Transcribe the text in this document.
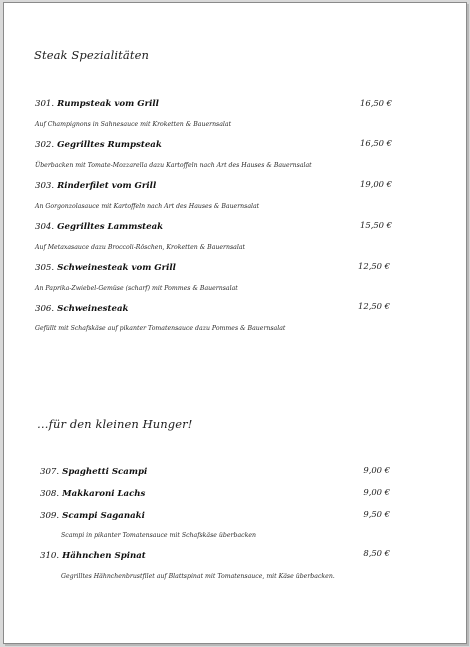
Steak Spezialitäten
301. Rumpsteak vom Grill	16,50 €
Auf Champignons in Sahnesauce mit Kroketten & Bauernsalat
302. Gegrilltes Rumpsteak	16,50 €
Überbacken mit Tomate-Mozzarella dazu Kartoffeln nach Art des Hauses & Bauernsalat
303. Rinderfilet vom Grill	19,00 €
An Gorgonzolasauce mit Kartoffeln nach Art des Hauses & Bauernsalat
304. Gegrilltes Lammsteak	15,50 €
Auf Metaxasauce dazu Broccoli-Röschen, Kroketten & Bauernsalat
305. Schweinesteak vom Grill	12,50 €
An Paprika-Zwiebel-Gemüse (scharf) mit Pommes & Bauernsalat
306. Schweinesteak	12,50 €
Gefüllt mit Schafskäse auf pikanter Tomatensauce dazu Pommes & Bauernsalat
…für den kleinen Hunger!
307. Spaghetti Scampi	9,00 €
308. Makkaroni Lachs	9,00 €
309. Scampi Saganaki	9,50 €
Scampi in pikanter Tomatensauce mit Schafskäse überbacken
310. Hähnchen Spinat	8,50 €
Gegrilltes Hähnchenbrustfilet auf Blattspinat mit Tomatensauce, mit Käse überbacken.
